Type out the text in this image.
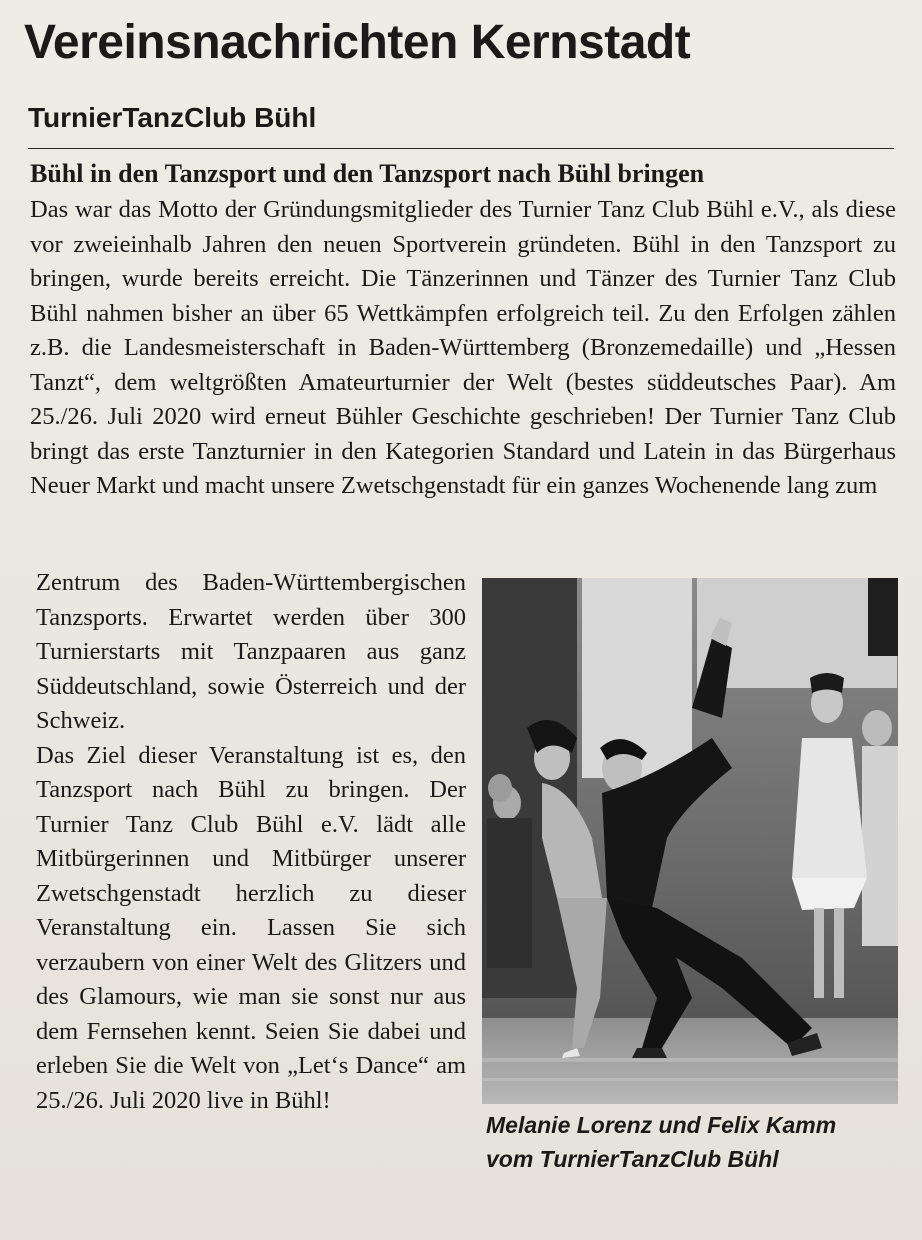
Vereinsnachrichten Kernstadt
TurnierTanzClub Bühl
Bühl in den Tanzsport und den Tanzsport nach Bühl bringen

Das war das Motto der Gründungsmitglieder des Turnier Tanz Club Bühl e.V., als diese vor zweieinhalb Jahren den neuen Sportverein gründeten. Bühl in den Tanzsport zu bringen, wurde bereits erreicht. Die Tänzerinnen und Tänzer des Turnier Tanz Club Bühl nahmen bisher an über 65 Wettkämpfen erfolgreich teil. Zu den Erfolgen zählen z.B. die Landesmeisterschaft in Baden-Württemberg (Bronzemedaille) und „Hessen Tanzt“, dem weltgrößten Amateurturnier der Welt (bestes süddeutsches Paar). Am 25./26. Juli 2020 wird erneut Bühler Geschichte geschrieben! Der Turnier Tanz Club bringt das erste Tanzturnier in den Kategorien Standard und Latein in das Bürgerhaus Neuer Markt und macht unsere Zwetschgenstadt für ein ganzes Wochenende lang zum

Zentrum des Baden-Württembergischen Tanzsports. Erwartet werden über 300 Turnierstarts mit Tanzpaaren aus ganz Süddeutschland, sowie Österreich und der Schweiz.

Das Ziel dieser Veranstaltung ist es, den Tanzsport nach Bühl zu bringen. Der Turnier Tanz Club Bühl e.V. lädt alle Mitbürgerinnen und Mitbürger unserer Zwetschgenstadt herzlich zu dieser Veranstaltung ein. Lassen Sie sich verzaubern von einer Welt des Glitzers und des Glamours, wie man sie sonst nur aus dem Fernsehen kennt. Seien Sie dabei und erleben Sie die Welt von „Let‘s Dance“ am 25./26. Juli 2020 live in Bühl!

Melanie Lorenz und Felix Kamm
vom TurnierTanzClub Bühl
